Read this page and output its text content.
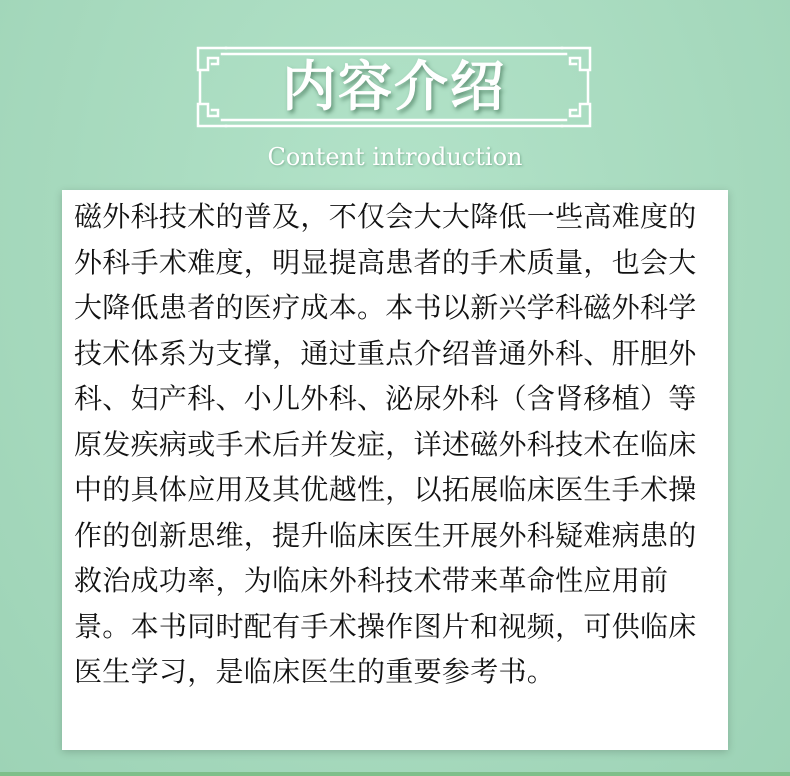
内容介绍
Content introduction

磁外科技术的普及，不仅会大大降低一些高难度的外科手术难度，明显提高患者的手术质量，也会大大降低患者的医疗成本。本书以新兴学科磁外科学技术体系为支撑，通过重点介绍普通外科、肝胆外科、妇产科、小儿外科、泌尿外科（含肾移植）等原发疾病或手术后并发症，详述磁外科技术在临床中的具体应用及其优越性，以拓展临床医生手术操作的创新思维，提升临床医生开展外科疑难病患的救治成功率，为临床外科技术带来革命性应用前景。本书同时配有手术操作图片和视频，可供临床医生学习，是临床医生的重要参考书。
